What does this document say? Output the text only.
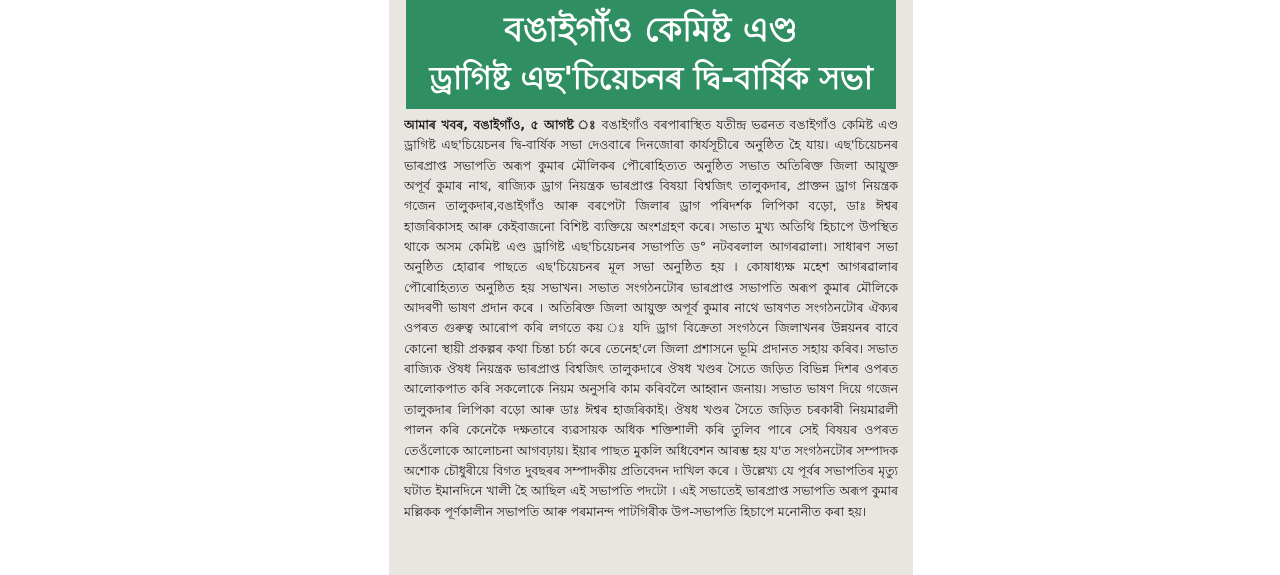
বঙাইগাঁও কেমিষ্ট এণ্ড
ড্ৰাগিষ্ট এছ'চিয়েচনৰ দ্বি-বাৰ্ষিক সভা
আমাৰ খবৰ, বঙাইগাঁও, ৫ আগষ্ট ঃ বঙাইগাঁও বৰপাৰাস্থিত যতীন্দ্ৰ ভৱনত বঙাইগাঁও কেমিষ্ট এণ্ড ড্ৰাগিষ্ট এছ'চিয়েচনৰ দ্বি-বাৰ্ষিক সভা দেওবাৰে দিনজোৰা কাৰ্যসূচীৰে অনুষ্ঠিত হৈ যায়। এছ'চিয়েচনৰ ভাৰপ্ৰাপ্ত সভাপতি অৰূপ কুমাৰ মৌলিকৰ পৌৰোহিত্যত অনুষ্ঠিত সভাত অতিৰিক্ত জিলা আয়ুক্ত অপূৰ্ব কুমাৰ নাথ, ৰাজ্যিক ড্ৰাগ নিয়ন্ত্ৰক ভাৰপ্ৰাপ্ত বিষয়া বিশ্বজিৎ তালুকদাৰ, প্ৰাক্তন ড্ৰাগ নিয়ন্ত্ৰক গজেন তালুকদাৰ,বঙাইগাঁও আৰু বৰপেটা জিলাৰ ড্ৰাগ পৰিদৰ্শক লিপিকা বড়ো, ডাঃ ঈশ্বৰ হাজৰিকাসহ আৰু কেইবাজনো বিশিষ্ট ব্যক্তিয়ে অংশগ্ৰহণ কৰে। সভাত মুখ্য অতিথি হিচাপে উপস্থিত থাকে অসম কেমিষ্ট এণ্ড ড্ৰাগিষ্ট এছ'চিয়েচনৰ সভাপতি ড° নটবৰলাল আগৰৱালা। সাধাৰণ সভা অনুষ্ঠিত হোৱাৰ পাছতে এছ'চিয়েচনৰ মূল সভা অনুষ্ঠিত হয় । কোষাধ্যক্ষ মহেশ আগৰৱালাৰ পৌৰোহিত্যত অনুষ্ঠিত হয় সভাখন। সভাত সংগঠনটোৰ ভাৰপ্ৰাপ্ত সভাপতি অৰূপ কুমাৰ মৌলিকে আদৰণী ভাষণ প্ৰদান কৰে । অতিৰিক্ত জিলা আয়ুক্ত অপূৰ্ব কুমাৰ নাথে ভাষণত সংগঠনটোৰ ঐক্যৰ ওপৰত গুৰুত্ব আৰোপ কৰি লগতে কয় ঃ যদি ড্ৰাগ বিক্ৰেতা সংগঠনে জিলাখনৰ উন্নয়নৰ বাবে কোনো স্থায়ী প্ৰকল্পৰ কথা চিন্তা চৰ্চা কৰে তেনেহ'লে জিলা প্ৰশাসনে ভূমি প্ৰদানত সহায় কৰিব। সভাত ৰাজ্যিক ঔষধ নিয়ন্ত্ৰক ভাৰপ্ৰাপ্ত বিশ্বজিৎ তালুকদাৰে ঔষধ খণ্ডৰ সৈতে জড়িত বিভিন্ন দিশৰ ওপৰত আলোকপাত কৰি সকলোকে নিয়ম অনুসৰি কাম কৰিবলৈ আহ্বান জনায়। সভাত ভাষণ দিয়ে গজেন তালুকদাৰ লিপিকা বড়ো আৰু ডাঃ ঈশ্বৰ হাজৰিকাই। ঔষধ খণ্ডৰ সৈতে জড়িত চৰকাৰী নিয়মাৱলী পালন কৰি কেনেকৈ দক্ষতাৰে ব্যৱসায়ক অধিক শক্তিশালী কৰি তুলিব পাৰে সেই বিষয়ৰ ওপৰত তেওঁলোকে আলোচনা আগবঢ়ায়। ইয়াৰ পাছত মুকলি অধিবেশন আৰম্ভ হয় য'ত সংগঠনটোৰ সম্পাদক অশোক চৌধুৰীয়ে বিগত দুবছৰৰ সম্পাদকীয় প্ৰতিবেদন দাখিল কৰে । উল্লেখ্য যে পূৰ্বৰ সভাপতিৰ মৃত্যু ঘটাত ইমানদিনে খালী হৈ আছিল এই সভাপতি পদটো । এই সভাতেই ভাৰপ্ৰাপ্ত সভাপতি অৰূপ কুমাৰ মল্লিকক পূৰ্ণকালীন সভাপতি আৰু পৰমানন্দ পাটগিৰীক উপ-সভাপতি হিচাপে মনোনীত কৰা হয়।
